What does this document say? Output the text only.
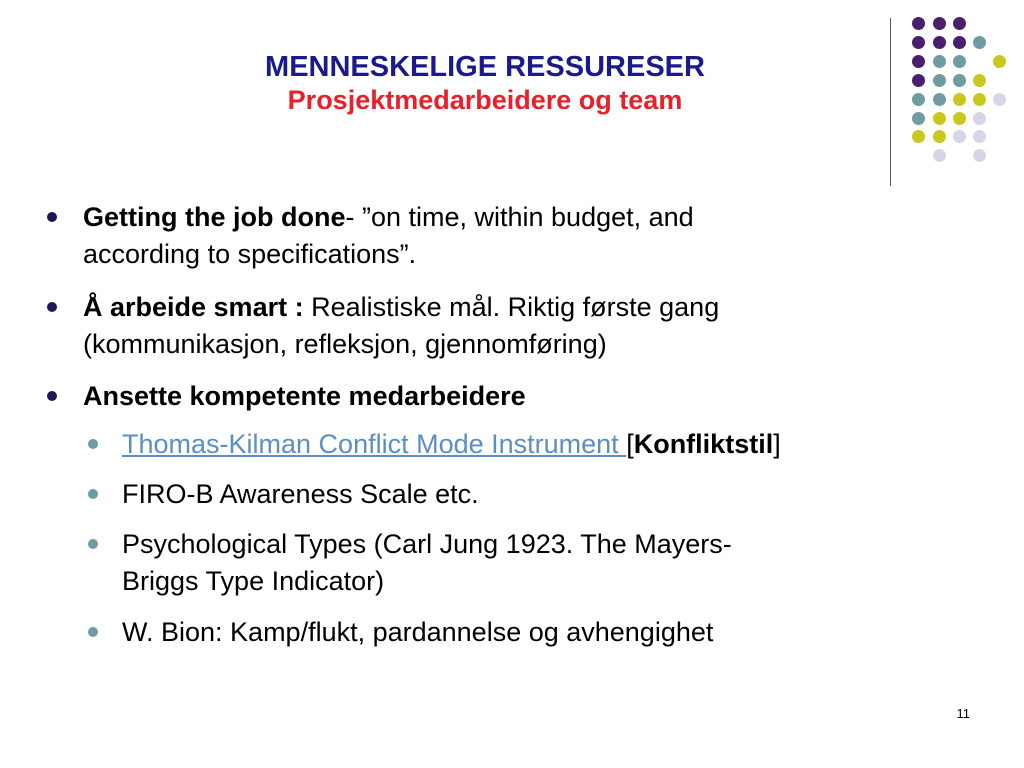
MENNESKELIGE RESSURESER
Prosjektmedarbeidere og team
Getting the job done- ”on time, within budget, and
according to specifications”.
Å arbeide smart : Realistiske mål. Riktig første gang
(kommunikasjon, refleksjon, gjennomføring)
Ansette kompetente medarbeidere
Thomas-Kilman Conflict Mode Instrument [Konfliktstil]
FIRO-B Awareness Scale etc.
Psychological Types (Carl Jung 1923. The Mayers-
Briggs Type Indicator)
W. Bion: Kamp/flukt, pardannelse og avhengighet
11
